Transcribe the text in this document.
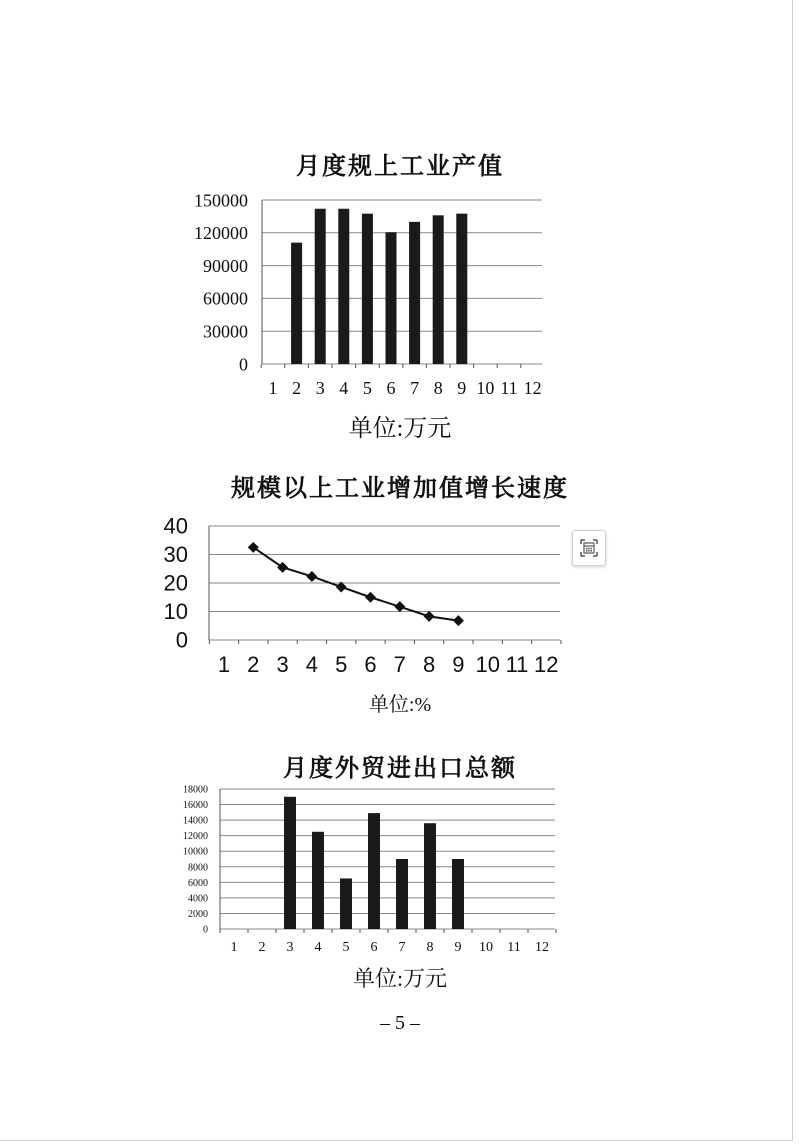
月度规上工业产值
0
30000
60000
90000
120000
150000
1 2 3 4 5 6 7 8 9 10 11 12

单位:万元

规模以上工业增加值增长速度
0
10
20
30
40
1 2 3 4 5 6 7 8 9 10 11 12

单位:%

月度外贸进出口总额
0
2000
4000
6000
8000
10000
12000
14000
16000
18000
1 2 3 4 5 6 7 8 9 10 11 12

单位:万元

– 5 –
